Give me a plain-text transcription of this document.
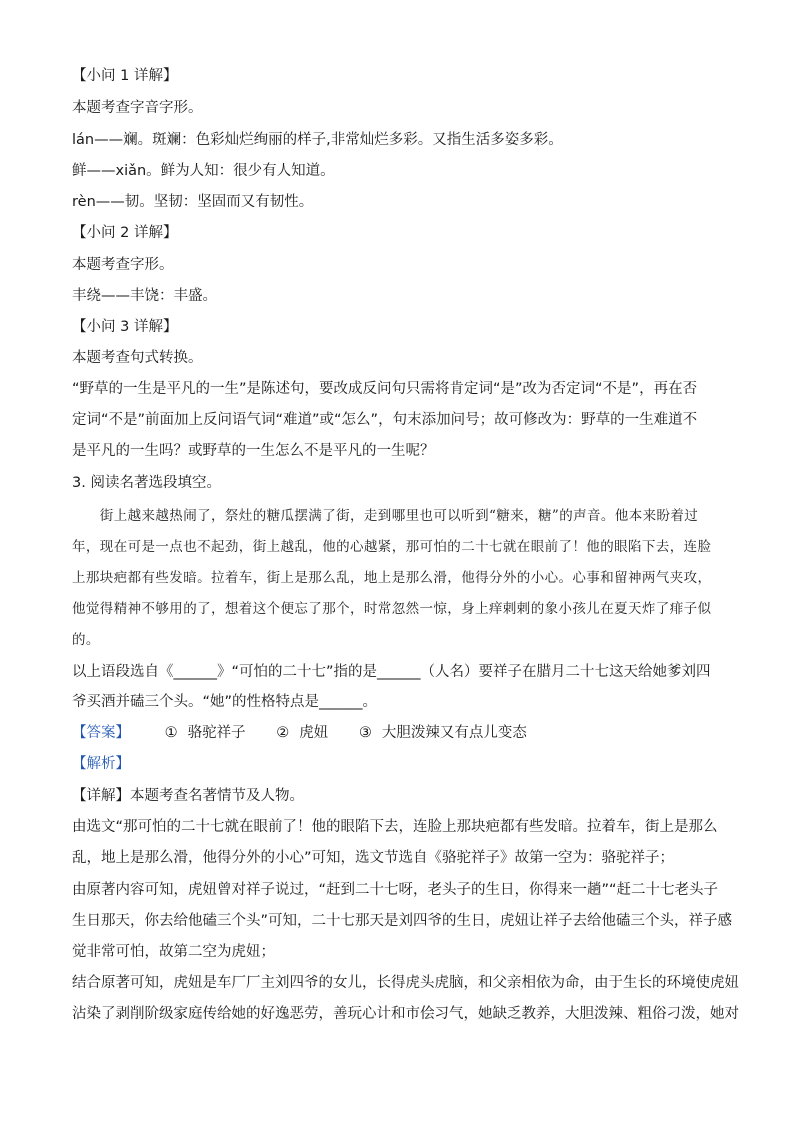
【小问 1 详解】
本题考查字音字形。
lán——斓。斑斓：色彩灿烂绚丽的样子,非常灿烂多彩。又指生活多姿多彩。
鲜——xiǎn。鲜为人知：很少有人知道。
rèn——韧。坚韧：坚固而又有韧性。
【小问 2 详解】
本题考查字形。
丰绕——丰饶：丰盛。
【小问 3 详解】
本题考查句式转换。
“野草的一生是平凡的一生”是陈述句，要改成反问句只需将肯定词“是”改为否定词“不是”，再在否
定词“不是”前面加上反问语气词“难道”或“怎么”，句末添加问号；故可修改为：野草的一生难道不
是平凡的一生吗？或野草的一生怎么不是平凡的一生呢？
3. 阅读名著选段填空。
　　街上越来越热闹了，祭灶的糖瓜摆满了街，走到哪里也可以听到“糖来，糖”的声音。他本来盼着过
年，现在可是一点也不起劲，街上越乱，他的心越紧，那可怕的二十七就在眼前了！他的眼陷下去，连脸
上那块疤都有些发暗。拉着车，街上是那么乱，地上是那么滑，他得分外的小心。心事和留神两气夹攻，
他觉得精神不够用的了，想着这个便忘了那个，时常忽然一惊，身上痒剌剌的象小孩儿在夏天炸了痱子似
的。
以上语段选自《______》“可怕的二十七”指的是______（人名）要祥子在腊月二十七这天给她爹刘四
爷买酒并磕三个头。“她”的性格特点是______。
【答案】 ① 骆驼祥子 ② 虎妞 ③ 大胆泼辣又有点儿变态
【解析】
【详解】本题考查名著情节及人物。
由选文“那可怕的二十七就在眼前了！他的眼陷下去，连脸上那块疤都有些发暗。拉着车，街上是那么
乱，地上是那么滑，他得分外的小心”可知，选文节选自《骆驼祥子》故第一空为：骆驼祥子；
由原著内容可知，虎妞曾对祥子说过，“赶到二十七呀，老头子的生日，你得来一趟”“赶二十七老头子
生日那天，你去给他磕三个头”可知，二十七那天是刘四爷的生日，虎妞让祥子去给他磕三个头，祥子感
觉非常可怕，故第二空为虎妞；
结合原著可知，虎妞是车厂厂主刘四爷的女儿，长得虎头虎脑，和父亲相依为命，由于生长的环境使虎妞
沾染了剥削阶级家庭传给她的好逸恶劳，善玩心计和市侩习气，她缺乏教养，大胆泼辣、粗俗刁泼，她对
